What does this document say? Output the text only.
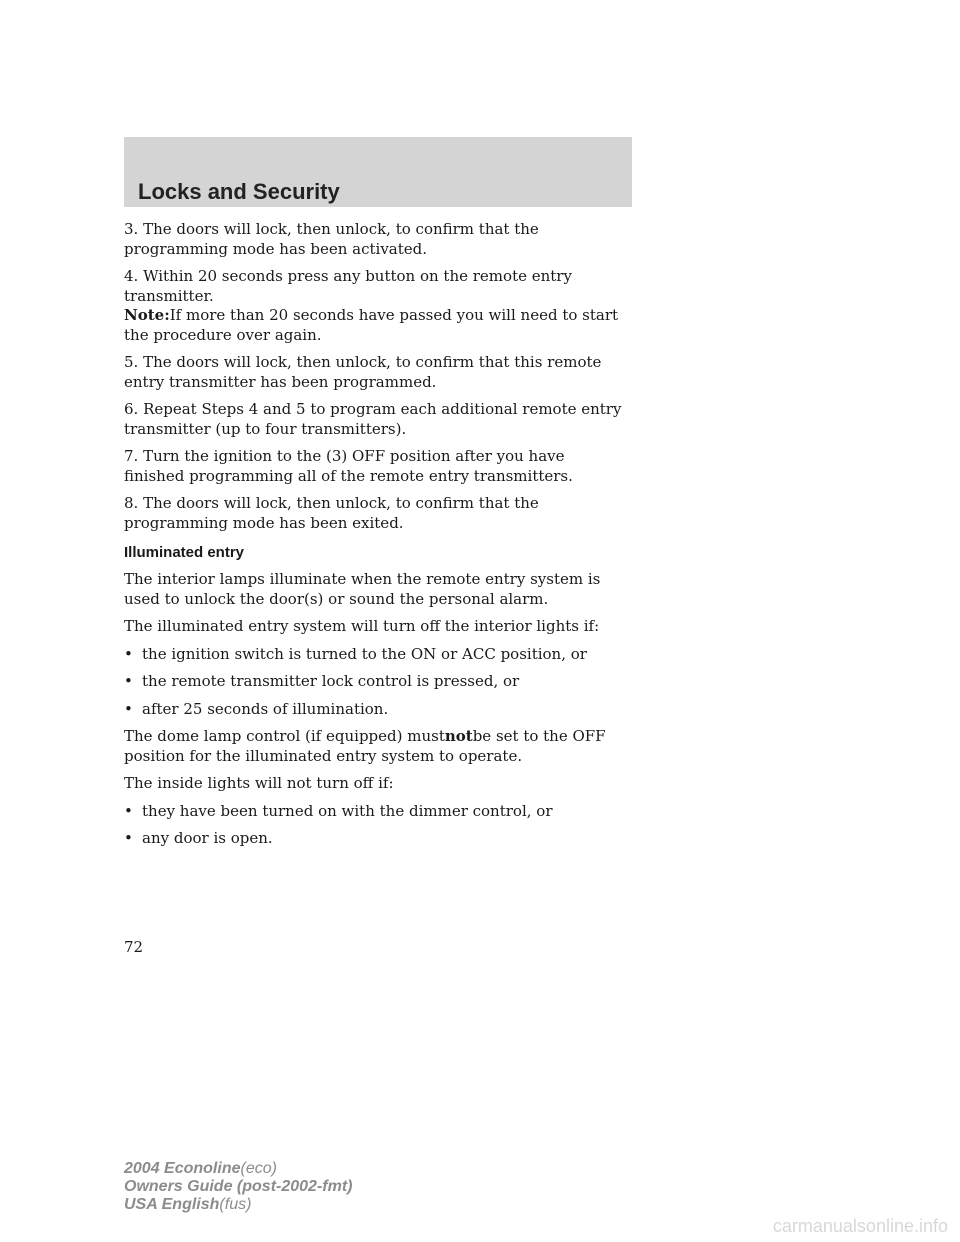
Locks and Security

3. The doors will lock, then unlock, to confirm that the programming mode has been activated.

4. Within 20 seconds press any button on the remote entry transmitter.
Note:If more than 20 seconds have passed you will need to start the procedure over again.

5. The doors will lock, then unlock, to confirm that this remote entry transmitter has been programmed.

6. Repeat Steps 4 and 5 to program each additional remote entry transmitter (up to four transmitters).

7. Turn the ignition to the (3) OFF position after you have finished programming all of the remote entry transmitters.

8. The doors will lock, then unlock, to confirm that the programming mode has been exited.

Illuminated entry

The interior lamps illuminate when the remote entry system is used to unlock the door(s) or sound the personal alarm.

The illuminated entry system will turn off the interior lights if:

• the ignition switch is turned to the ON or ACC position, or
• the remote transmitter lock control is pressed, or
• after 25 seconds of illumination.

The dome lamp control (if equipped) mustnotbe set to the OFF position for the illuminated entry system to operate.

The inside lights will not turn off if:

• they have been turned on with the dimmer control, or
• any door is open.
72
2004 Econoline(eco)
Owners Guide (post-2002-fmt)
USA English(fus)
carmanualsonline.info
